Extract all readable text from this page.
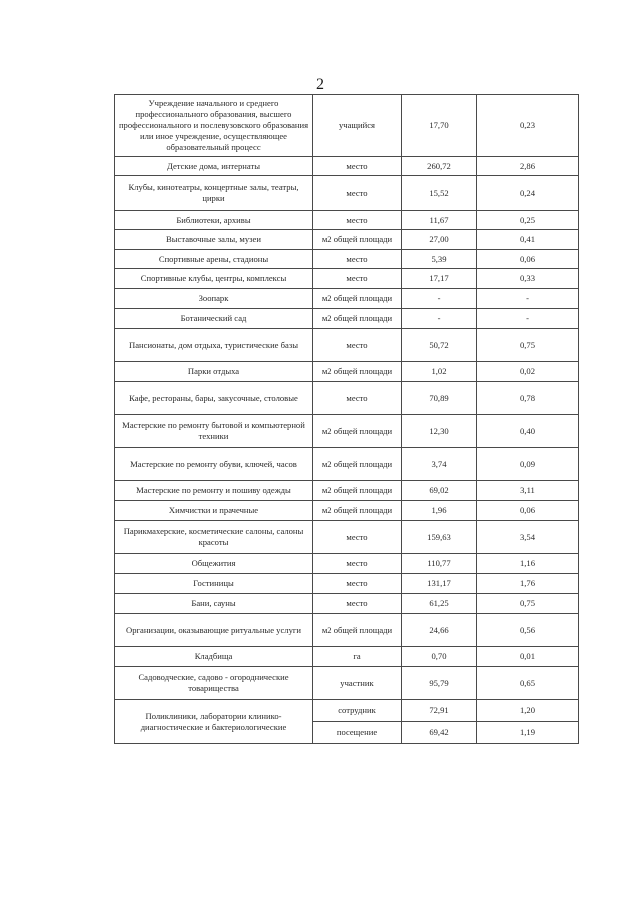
2
Учреждение начального и среднего профессионального образования, высшего профессионального и послевузовского образования или иное учреждение, осуществляющее образовательный процесс	учащийся	17,70	0,23
Детские дома, интернаты	место	260,72	2,86
Клубы, кинотеатры, концертные залы, театры, цирки	место	15,52	0,24
Библиотеки, архивы	место	11,67	0,25
Выставочные залы, музеи	м2 общей площади	27,00	0,41
Спортивные арены, стадионы	место	5,39	0,06
Спортивные клубы, центры, комплексы	место	17,17	0,33
Зоопарк	м2 общей площади	-	-
Ботанический сад	м2 общей площади	-	-
Пансионаты, дом отдыха, туристические базы	место	50,72	0,75
Парки отдыха	м2 общей площади	1,02	0,02
Кафе, рестораны, бары, закусочные, столовые	место	70,89	0,78
Мастерские по ремонту бытовой и компьютерной техники	м2 общей площади	12,30	0,40
Мастерские по ремонту обуви, ключей, часов	м2 общей площади	3,74	0,09
Мастерские по ремонту и пошиву одежды	м2 общей площади	69,02	3,11
Химчистки и прачечные	м2 общей площади	1,96	0,06
Парикмахерские, косметические салоны, салоны красоты	место	159,63	3,54
Общежития	место	110,77	1,16
Гостиницы	место	131,17	1,76
Бани, сауны	место	61,25	0,75
Организации, оказывающие ритуальные услуги	м2 общей площади	24,66	0,56
Кладбища	га	0,70	0,01
Садоводческие, садово - огороднические товарищества	участник	95,79	0,65
Поликлиники, лаборатории клинико-диагностические и бактериологические	сотрудник	72,91	1,20
	посещение	69,42	1,19
